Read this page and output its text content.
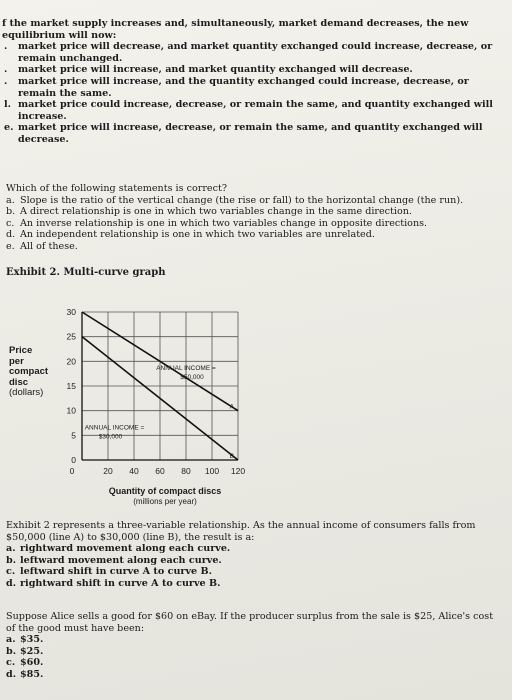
f the market supply increases and, simultaneously, market demand decreases, the new equilibrium will now:
.	market price will decrease, and market quantity exchanged could increase, decrease, or remain unchanged.
.	market price will increase, and market quantity exchanged will decrease.
.	market price will increase, and the quantity exchanged could increase, decrease, or remain the same.
l. market price could increase, decrease, or remain the same, and quantity exchanged will increase.
e. market price will increase, decrease, or remain the same, and quantity exchanged will decrease.
Which of the following statements is correct?
a. Slope is the ratio of the vertical change (the rise or fall) to the horizontal change (the run).
b. A direct relationship is one in which two variables change in the same direction.
c. An inverse relationship is one in which two variables change in opposite directions.
d. An independent relationship is one in which two variables are unrelated.
e. All of these.
Exhibit 2. Multi-curve graph
Price
per
compact
disc
(dollars)
30
25
20
15
10
5
0
0	20 40 60 80 100 120
A
ANNUAL INCOME =
$50,000
B
ANNUAL INCOME =
$30,000
Quantity of compact discs
(millions per year)
Exhibit 2 represents a three-variable relationship. As the annual income of consumers falls from $50,000 (line A) to $30,000 (line B), the result is a:
a. rightward movement along each curve.
b. leftward movement along each curve.
c. leftward shift in curve A to curve B.
d. rightward shift in curve A to curve B.
Suppose Alice sells a good for $60 on eBay. If the producer surplus from the sale is $25, Alice's cost of the good must have been:
a. $35.
b. $25.
c. $60.
d. $85.
